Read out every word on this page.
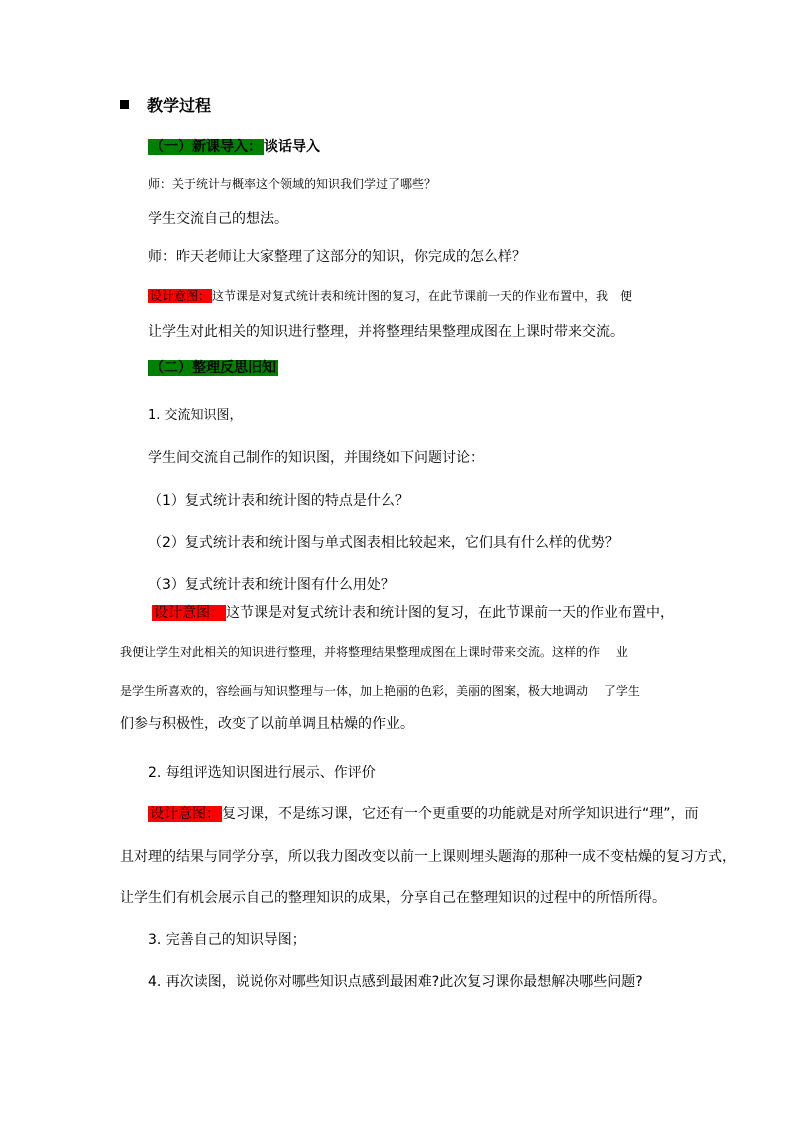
教学过程
（一）新课导入： 谈话导入
师：关于统计与概率这个领域的知识我们学过了哪些？
学生交流自己的想法。
师：昨天老师让大家整理了这部分的知识，你完成的怎么样？
设计意图： 这节课是对复式统计表和统计图的复习，在此节课前一天的作业布置中，我　便
让学生对此相关的知识进行整理，并将整理结果整理成图在上课时带来交流。
（二）整理反思旧知
1. 交流知识图，
学生间交流自己制作的知识图，并围绕如下问题讨论：
（1）复式统计表和统计图的特点是什么？
（2）复式统计表和统计图与单式图表相比较起来，它们具有什么样的优势？
（3）复式统计表和统计图有什么用处？
设计意图： 这节课是对复式统计表和统计图的复习，在此节课前一天的作业布置中，
我便让学生对此相关的知识进行整理，并将整理结果整理成图在上课时带来交流。这样的作　 业
是学生所喜欢的，容绘画与知识整理与一体，加上艳丽的色彩，美丽的图案，极大地调动　 了学生
们参与积极性，改变了以前单调且枯燥的作业。
2. 每组评选知识图进行展示、作评价
设计意图： 复习课，不是练习课，它还有一个更重要的功能就是对所学知识进行“理”，而
且对理的结果与同学分享，所以我力图改变以前一上课则埋头题海的那种一成不变枯燥的复习方式，
让学生们有机会展示自己的整理知识的成果，分享自己在整理知识的过程中的所悟所得。
3. 完善自己的知识导图；
4. 再次读图，说说你对哪些知识点感到最困难?此次复习课你最想解决哪些问题?
